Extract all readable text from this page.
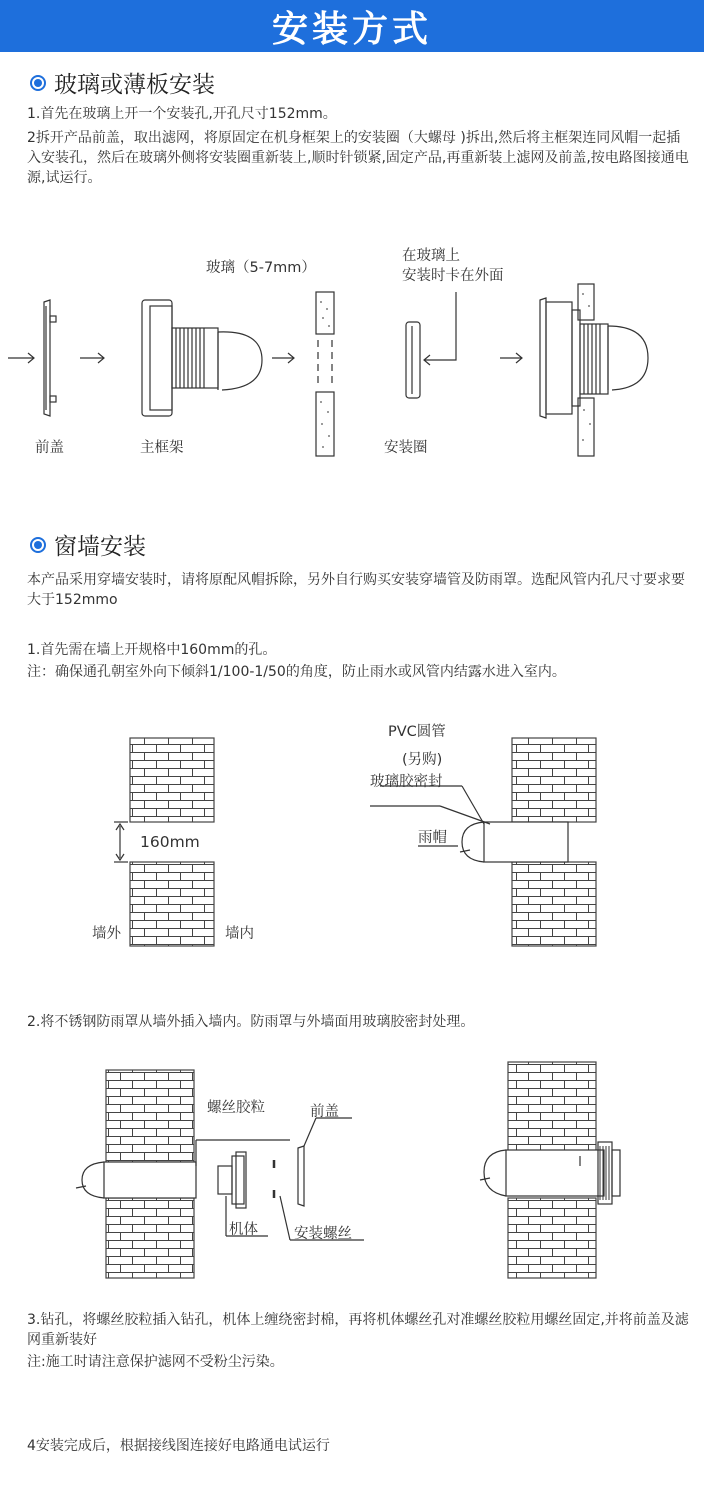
安装方式
玻璃或薄板安装
1.首先在玻璃上开一个安装孔,开孔尺寸152mm。
2拆开产品前盖，取出滤网，将原固定在机身框架上的安装圈（大螺母 )拆出,然后将主框架连同风帽一起插入安装孔，然后在玻璃外侧将安装圈重新装上,顺时针锁紧,固定产品,再重新装上滤网及前盖,按电路图接通电源,试运行。
前盖	主框架
玻璃（5-7mm）
在玻璃上
安装时卡在外面
安装圈
窗墙安装
本产品采用穿墙安装时，请将原配风帽拆除，另外自行购买安装穿墙管及防雨罩。选配风管内孔尺寸要求要大于152mmo
1.首先需在墙上开规格中160mm的孔。
注：确保通孔朝室外向下倾斜1/100-1/50的角度，防止雨水或风管内结露水进入室内。
160mm
墙外	墙内
PVC圆管
(另购)
玻璃胶密封
雨帽
2.将不锈钢防雨罩从墙外插入墙内。防雨罩与外墙面用玻璃胶密封处理。
螺丝胶粒	前盖
机体 安装螺丝
3.钻孔，将螺丝胶粒插入钻孔，机体上缠绕密封棉，再将机体螺丝孔对准螺丝胶粒用螺丝固定,并将前盖及滤网重新装好
注:施工时请注意保护滤网不受粉尘污染。
4安装完成后，根据接线图连接好电路通电试运行
